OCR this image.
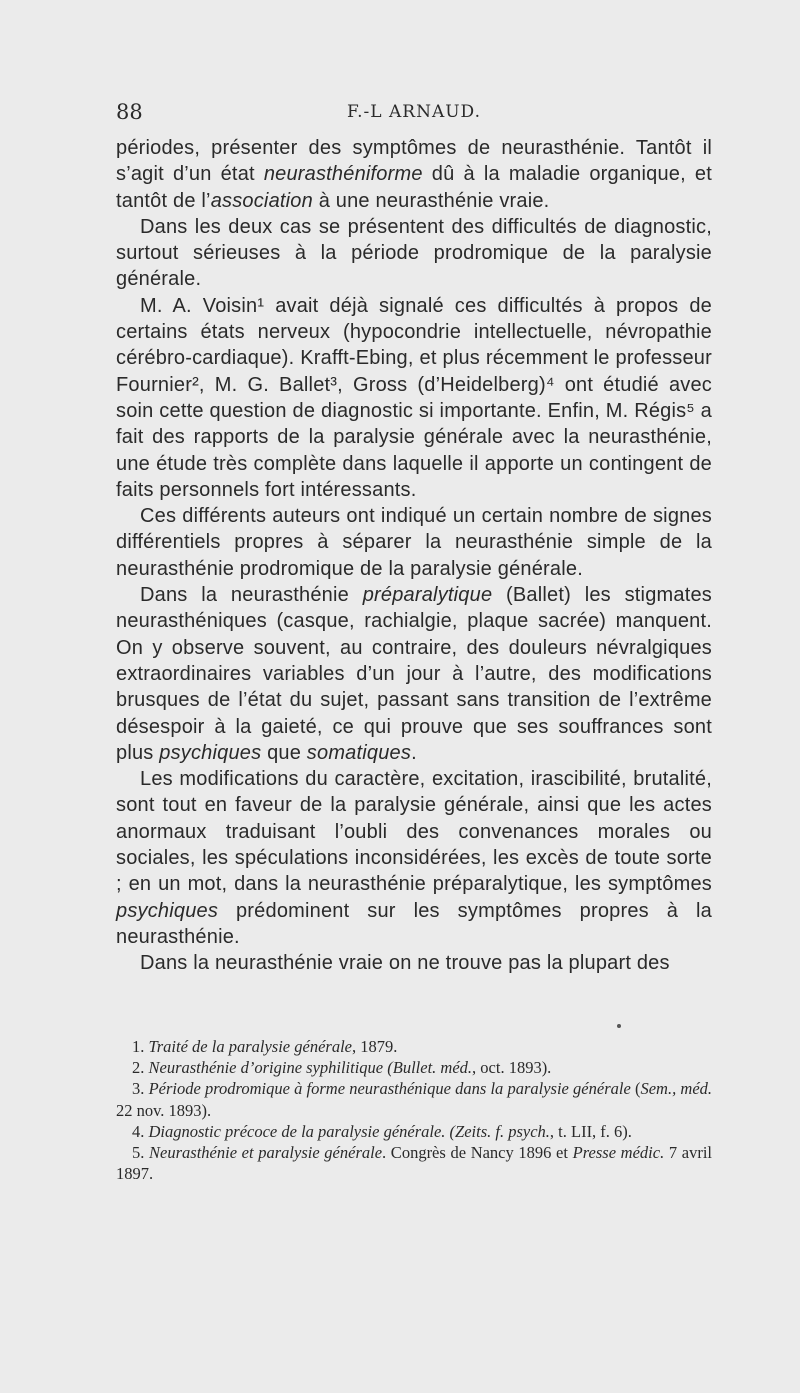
88	F.-L ARNAUD.

périodes, présenter des symptômes de neurasthénie. Tantôt il s’agit d’un état neurasthéniforme dû à la maladie organique, et tantôt de l’association à une neurasthénie vraie.

Dans les deux cas se présentent des difficultés de diagnostic, surtout sérieuses à la période prodromique de la paralysie générale.

M. A. Voisin¹ avait déjà signalé ces difficultés à propos de certains états nerveux (hypocondrie intellectuelle, névropathie cérébro-cardiaque). Krafft-Ebing, et plus récemment le professeur Fournier², M. G. Ballet³, Gross (d’Heidelberg)⁴ ont étudié avec soin cette question de diagnostic si importante. Enfin, M. Régis⁵ a fait des rapports de la paralysie générale avec la neurasthénie, une étude très complète dans laquelle il apporte un contingent de faits personnels fort intéressants.

Ces différents auteurs ont indiqué un certain nombre de signes différentiels propres à séparer la neurasthénie simple de la neurasthénie prodromique de la paralysie générale.

Dans la neurasthénie préparalytique (Ballet) les stigmates neurasthéniques (casque, rachialgie, plaque sacrée) manquent. On y observe souvent, au contraire, des douleurs névralgiques extraordinaires variables d’un jour à l’autre, des modifications brusques de l’état du sujet, passant sans transition de l’extrême désespoir à la gaieté, ce qui prouve que ses souffrances sont plus psychiques que somatiques.

Les modifications du caractère, excitation, irascibilité, brutalité, sont tout en faveur de la paralysie générale, ainsi que les actes anormaux traduisant l’oubli des convenances morales ou sociales, les spéculations inconsidérées, les excès de toute sorte ; en un mot, dans la neurasthénie préparalytique, les symptômes psychiques prédominent sur les symptômes propres à la neurasthénie.

Dans la neurasthénie vraie on ne trouve pas la plupart des

1. Traité de la paralysie générale, 1879.

2. Neurasthénie d’origine syphilitique (Bullet. méd., oct. 1893).

3. Période prodromique à forme neurasthénique dans la paralysie générale (Sem., méd. 22 nov. 1893).

4. Diagnostic précoce de la paralysie générale. (Zeits. f. psych., t. LII, f. 6).

5. Neurasthénie et paralysie générale. Congrès de Nancy 1896 et Presse médic. 7 avril 1897.
